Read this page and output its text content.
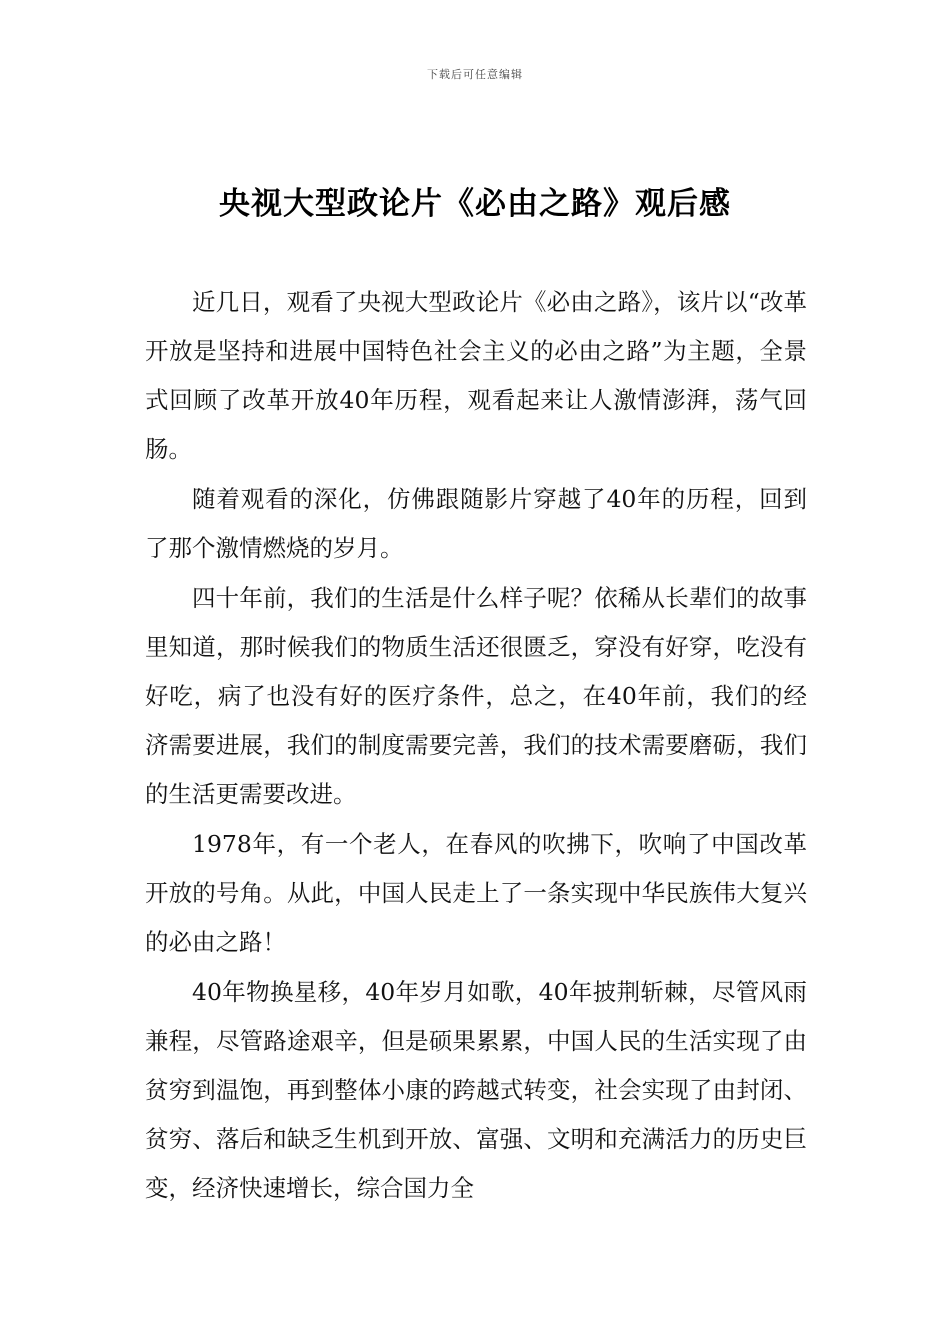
下载后可任意编辑
央视大型政论片《必由之路》观后感

近几日，观看了央视大型政论片《必由之路》，该片以“改革开放是坚持和进展中国特色社会主义的必由之路”为主题，全景式回顾了改革开放40年历程，观看起来让人激情澎湃，荡气回肠。

随着观看的深化，仿佛跟随影片穿越了40年的历程，回到了那个激情燃烧的岁月。

四十年前，我们的生活是什么样子呢？依稀从长辈们的故事里知道，那时候我们的物质生活还很匮乏，穿没有好穿，吃没有好吃，病了也没有好的医疗条件，总之，在40年前，我们的经济需要进展，我们的制度需要完善，我们的技术需要磨砺，我们的生活更需要改进。

1978年，有一个老人，在春风的吹拂下，吹响了中国改革开放的号角。从此，中国人民走上了一条实现中华民族伟大复兴的必由之路！

40年物换星移，40年岁月如歌，40年披荆斩棘，尽管风雨兼程，尽管路途艰辛，但是硕果累累，中国人民的生活实现了由贫穷到温饱，再到整体小康的跨越式转变，社会实现了由封闭、贫穷、落后和缺乏生机到开放、富强、文明和充满活力的历史巨变，经济快速增长，综合国力全
